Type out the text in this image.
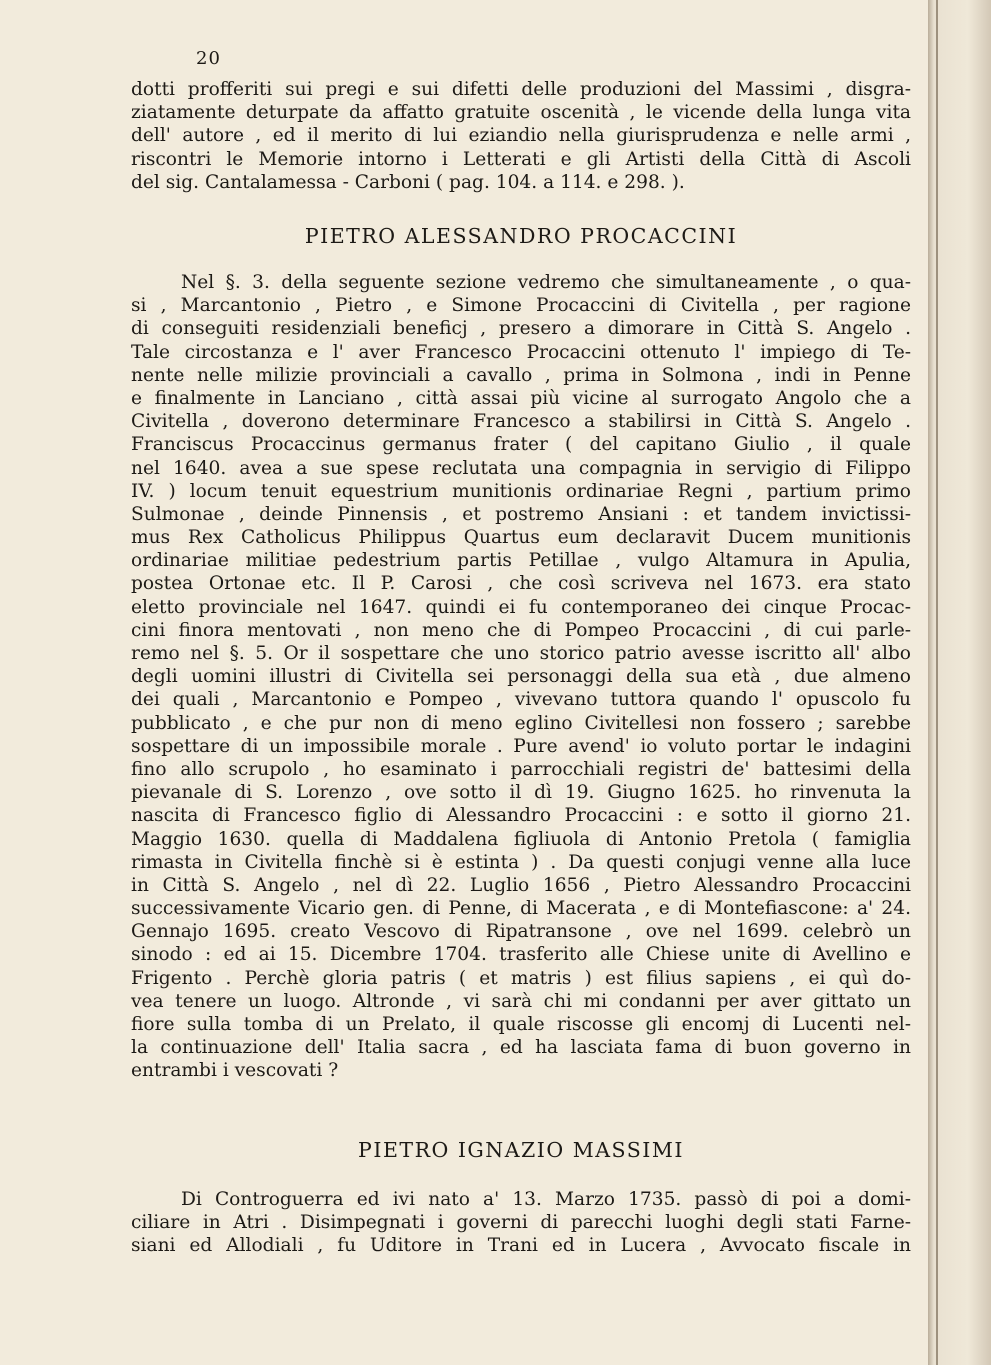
20
dotti profferiti sui pregi e sui difetti delle produzioni del Massimi , disgra-
ziatamente deturpate da affatto gratuite oscenità , le vicende della lunga vita
dell' autore , ed il merito di lui eziandio nella giurisprudenza e nelle armi ,
riscontri le Memorie intorno i Letterati e gli Artisti della Città di Ascoli
del sig. Cantalamessa - Carboni ( pag. 104. a 114. e 298. ).
PIETRO ALESSANDRO PROCACCINI
Nel §. 3. della seguente sezione vedremo che simultaneamente , o qua-
si , Marcantonio , Pietro , e Simone Procaccini di Civitella , per ragione
di conseguiti residenziali beneficj , presero a dimorare in Città S. Angelo .
Tale circostanza e l' aver Francesco Procaccini ottenuto l' impiego di Te-
nente nelle milizie provinciali a cavallo , prima in Solmona , indi in Penne
e finalmente in Lanciano , città assai più vicine al surrogato Angolo che a
Civitella , doverono determinare Francesco a stabilirsi in Città S. Angelo .
Franciscus Procaccinus germanus frater ( del capitano Giulio , il quale
nel 1640. avea a sue spese reclutata una compagnia in servigio di Filippo
IV. ) locum tenuit equestrium munitionis ordinariae Regni , partium primo
Sulmonae , deinde Pinnensis , et postremo Ansiani : et tandem invictissi-
mus Rex Catholicus Philippus Quartus eum declaravit Ducem munitionis
ordinariae militiae pedestrium partis Petillae , vulgo Altamura in Apulia,
postea Ortonae etc. Il P. Carosi , che così scriveva nel 1673. era stato
eletto provinciale nel 1647. quindi ei fu contemporaneo dei cinque Procac-
cini finora mentovati , non meno che di Pompeo Procaccini , di cui parle-
remo nel §. 5. Or il sospettare che uno storico patrio avesse iscritto all' albo
degli uomini illustri di Civitella sei personaggi della sua età , due almeno
dei quali , Marcantonio e Pompeo , vivevano tuttora quando l' opuscolo fu
pubblicato , e che pur non di meno eglino Civitellesi non fossero ; sarebbe
sospettare di un impossibile morale . Pure avend' io voluto portar le indagini
fino allo scrupolo , ho esaminato i parrocchiali registri de' battesimi della
pievanale di S. Lorenzo , ove sotto il dì 19. Giugno 1625. ho rinvenuta la
nascita di Francesco figlio di Alessandro Procaccini : e sotto il giorno 21.
Maggio 1630. quella di Maddalena figliuola di Antonio Pretola ( famiglia
rimasta in Civitella finchè si è estinta ) . Da questi conjugi venne alla luce
in Città S. Angelo , nel dì 22. Luglio 1656 , Pietro Alessandro Procaccini
successivamente Vicario gen. di Penne, di Macerata , e di Montefiascone: a' 24.
Gennajo 1695. creato Vescovo di Ripatransone , ove nel 1699. celebrò un
sinodo : ed ai 15. Dicembre 1704. trasferito alle Chiese unite di Avellino e
Frigento . Perchè gloria patris ( et matris ) est filius sapiens , ei quì do-
vea tenere un luogo. Altronde , vi sarà chi mi condanni per aver gittato un
fiore sulla tomba di un Prelato, il quale riscosse gli encomj di Lucenti nel-
la continuazione dell' Italia sacra , ed ha lasciata fama di buon governo in
entrambi i vescovati ?
PIETRO IGNAZIO MASSIMI
Di Controguerra ed ivi nato a' 13. Marzo 1735. passò di poi a domi-
ciliare in Atri . Disimpegnati i governi di parecchi luoghi degli stati Farne-
siani ed Allodiali , fu Uditore in Trani ed in Lucera , Avvocato fiscale in
